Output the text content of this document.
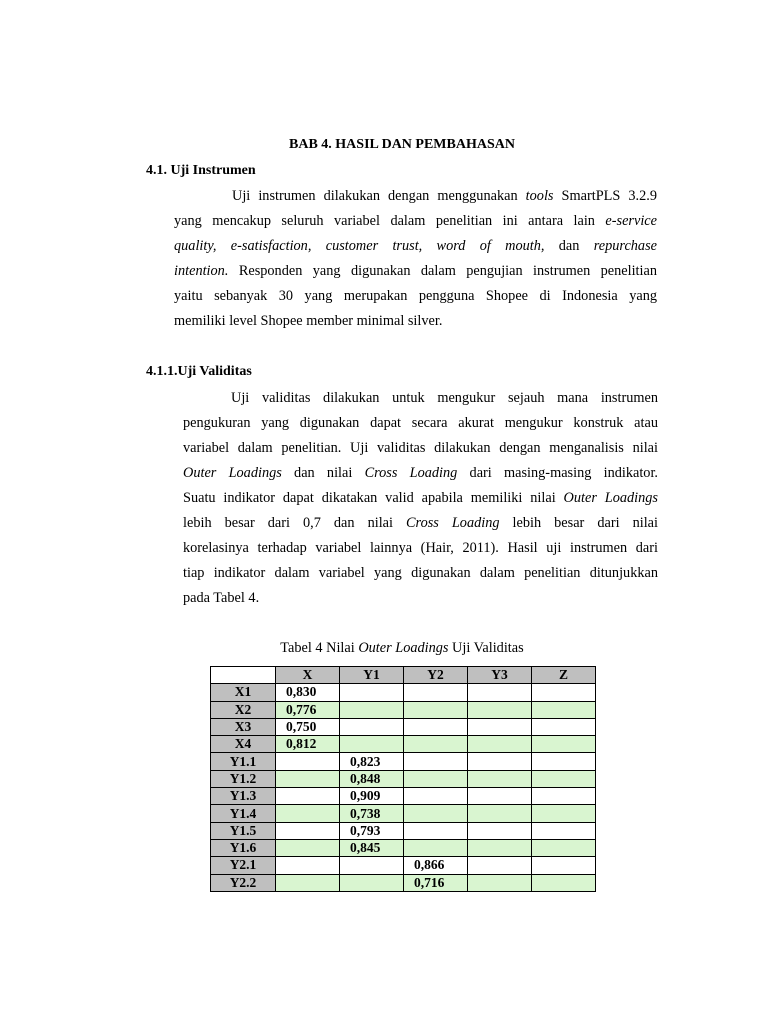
BAB 4. HASIL DAN PEMBAHASAN
4.1. Uji Instrumen
Uji instrumen dilakukan dengan menggunakan tools SmartPLS 3.2.9
yang mencakup seluruh variabel dalam penelitian ini antara lain e-service
quality, e-satisfaction, customer trust, word of mouth, dan repurchase
intention. Responden yang digunakan dalam pengujian instrumen penelitian
yaitu sebanyak 30 yang merupakan pengguna Shopee di Indonesia yang
memiliki level Shopee member minimal silver.
4.1.1.Uji Validitas
Uji validitas dilakukan untuk mengukur sejauh mana instrumen
pengukuran yang digunakan dapat secara akurat mengukur konstruk atau
variabel dalam penelitian. Uji validitas dilakukan dengan menganalisis nilai
Outer Loadings dan nilai Cross Loading dari masing-masing indikator.
Suatu indikator dapat dikatakan valid apabila memiliki nilai Outer Loadings
lebih besar dari 0,7 dan nilai Cross Loading lebih besar dari nilai
korelasinya terhadap variabel lainnya (Hair, 2011). Hasil uji instrumen dari
tiap indikator dalam variabel yang digunakan dalam penelitian ditunjukkan
pada Tabel 4.
Tabel 4 Nilai Outer Loadings Uji Validitas
	X	Y1	Y2	Y3	Z
X1	0,830				
X2	0,776				
X3	0,750				
X4	0,812				
Y1.1		0,823			
Y1.2		0,848			
Y1.3		0,909			
Y1.4		0,738			
Y1.5		0,793			
Y1.6		0,845			
Y2.1			0,866		
Y2.2			0,716		
